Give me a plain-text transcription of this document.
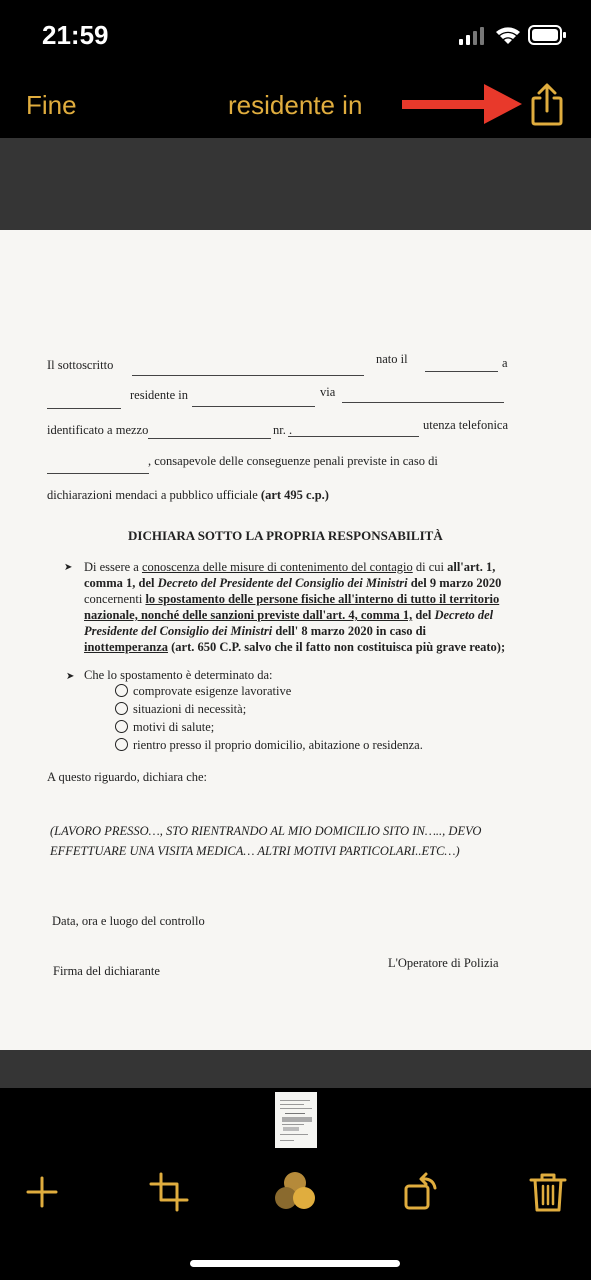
21:59
Fine	residente in
Il sottoscritto	nato il	a
residente in	via
identificato a mezzo	nr. .	utenza telefonica
, consapevole delle conseguenze penali previste in caso di
dichiarazioni mendaci a pubblico ufficiale (art 495 c.p.)
DICHIARA SOTTO LA PROPRIA RESPONSABILITÀ
➤ Di essere a conoscenza delle misure di contenimento del contagio di cui all'art. 1,
comma 1, del Decreto del Presidente del Consiglio dei Ministri del 9 marzo 2020
concernenti lo spostamento delle persone fisiche all'interno di tutto il territorio
nazionale, nonché delle sanzioni previste dall'art. 4, comma 1, del Decreto del
Presidente del Consiglio dei Ministri dell' 8 marzo 2020 in caso di
inottemperanza (art. 650 C.P. salvo che il fatto non costituisca più grave reato);
➤ Che lo spostamento è determinato da:
comprovate esigenze lavorative
situazioni di necessità;
motivi di salute;
rientro presso il proprio domicilio, abitazione o residenza.
A questo riguardo, dichiara che:
(LAVORO PRESSO…, STO RIENTRANDO AL MIO DOMICILIO SITO IN….., DEVO
EFFETTUARE UNA VISITA MEDICA… ALTRI MOTIVI PARTICOLARI..ETC…)
Data, ora e luogo del controllo
Firma del dichiarante
L'Operatore di Polizia
